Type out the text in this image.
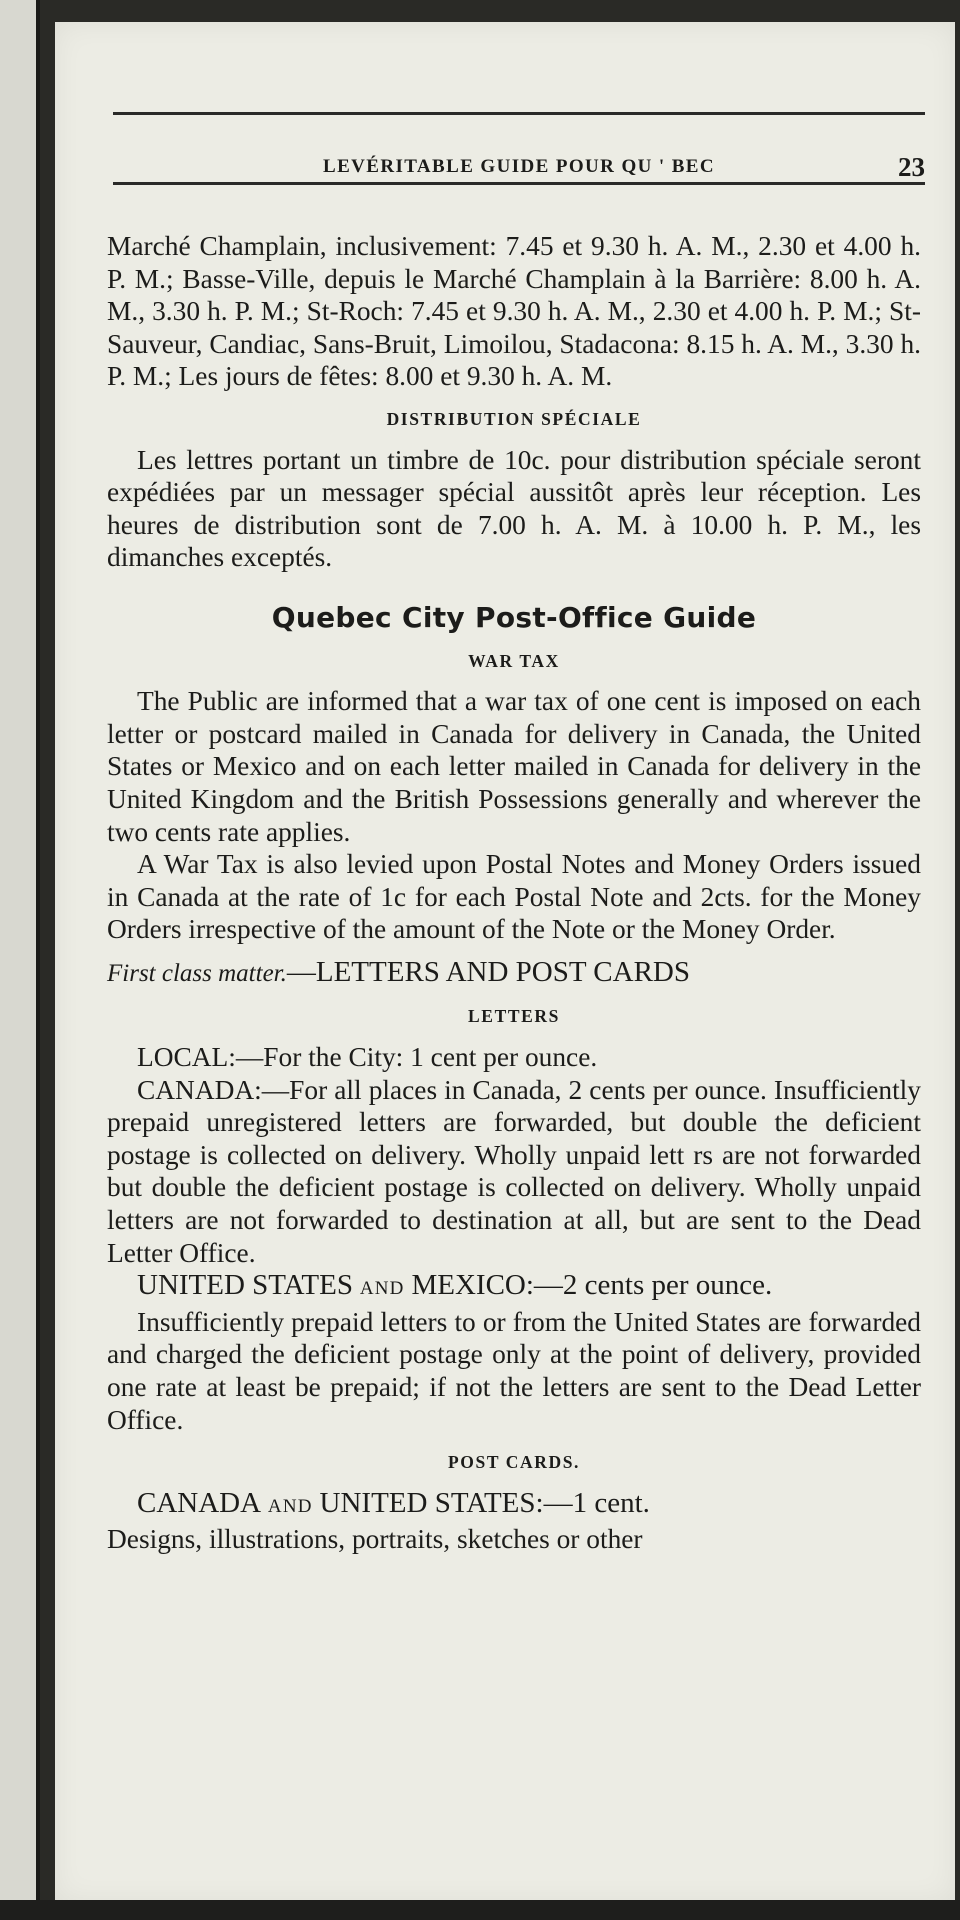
LEVÉRITABLE GUIDE POUR QU ' BEC	23

Marché Champlain, inclusivement: 7.45 et 9.30 h. A. M., 2.30 et 4.00 h. P. M.; Basse-Ville, depuis le Marché Champlain à la Barrière: 8.00 h. A. M., 3.30 h. P. M.; St-Roch: 7.45 et 9.30 h. A. M., 2.30 et 4.00 h. P. M.; St-Sauveur, Candiac, Sans-Bruit, Limoilou, Stadacona: 8.15 h. A. M., 3.30 h. P. M.; Les jours de fêtes: 8.00 et 9.30 h. A. M.

DISTRIBUTION SPÉCIALE

Les lettres portant un timbre de 10c. pour distribution spéciale seront expédiées par un messager spécial aussitôt après leur réception. Les heures de distribution sont de 7.00 h. A. M. à 10.00 h. P. M., les dimanches exceptés.

Quebec City Post-Office Guide
WAR TAX

The Public are informed that a war tax of one cent is imposed on each letter or postcard mailed in Canada for delivery in Canada, the United States or Mexico and on each letter mailed in Canada for delivery in the United Kingdom and the British Possessions generally and wherever the two cents rate applies.

A War Tax is also levied upon Postal Notes and Money Orders issued in Canada at the rate of 1c for each Postal Note and 2cts. for the Money Orders irrespective of the amount of the Note or the Money Order.

First class matter.—LETTERS AND POST CARDS
LETTERS

LOCAL:—For the City: 1 cent per ounce.

CANADA:—For all places in Canada, 2 cents per ounce. Insufficiently prepaid unregistered letters are forwarded, but double the deficient postage is collected on delivery. Wholly unpaid lett rs are not forwarded but double the deficient postage is collected on delivery. Wholly unpaid letters are not forwarded to destination at all, but are sent to the Dead Letter Office.

UNITED STATES AND MEXICO:—2 cents per ounce.

Insufficiently prepaid letters to or from the United States are forwarded and charged the deficient postage only at the point of delivery, provided one rate at least be prepaid; if not the letters are sent to the Dead Letter Office.

POST CARDS.

CANADA AND UNITED STATES:—1 cent.

Designs, illustrations, portraits, sketches or other
